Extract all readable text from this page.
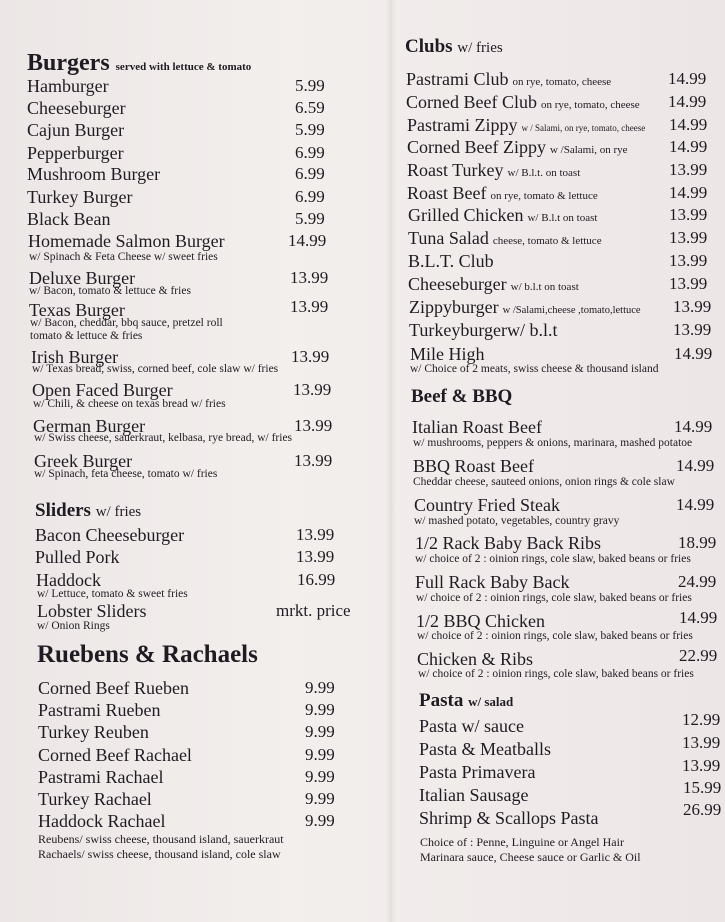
Burgers served with lettuce & tomato
Hamburger	5.99
Cheeseburger	6.59
Cajun Burger	5.99
Pepperburger	6.99
Mushroom Burger	6.99
Turkey Burger	6.99
Black Bean	5.99
Homemade Salmon Burger	14.99
w/ Spinach & Feta Cheese w/ sweet fries
Deluxe Burger	13.99
w/ Bacon, tomato & lettuce & fries
Texas Burger	13.99
w/ Bacon, cheddar, bbq sauce, pretzel roll
tomato & lettuce & fries
Irish Burger	13.99
w/ Texas bread, swiss, corned beef, cole slaw w/ fries
Open Faced Burger	13.99
w/ Chili, & cheese on texas bread w/ fries
German Burger	13.99
w/ Swiss cheese, sauerkraut, kelbasa, rye bread, w/ fries
Greek Burger	13.99
w/ Spinach, feta cheese, tomato w/ fries
Sliders w/ fries
Bacon Cheeseburger	13.99
Pulled Pork	13.99
Haddock	16.99
w/ Lettuce, tomato & sweet fries
Lobster Sliders	mrkt. price
w/ Onion Rings
Ruebens & Rachaels
Corned Beef Rueben	9.99
Pastrami Rueben	9.99
Turkey Reuben	9.99
Corned Beef Rachael	9.99
Pastrami Rachael	9.99
Turkey Rachael	9.99
Haddock Rachael	9.99
Reubens/ swiss cheese, thousand island, sauerkraut
Rachaels/ swiss cheese, thousand island, cole slaw
Clubs w/ fries
Pastrami Club on rye, tomato, cheese	14.99
Corned Beef Club on rye, tomato, cheese 14.99
Pastrami Zippy w / Salami, on rye, tomato, cheese 14.99
Corned Beef Zippy w /Salami, on rye 14.99
Roast Turkey w/ B.l.t. on toast	13.99
Roast Beef on rye, tomato & lettuce	14.99
Grilled Chicken w/ B.l.t on toast	13.99
Tuna Salad cheese, tomato & lettuce	13.99
B.L.T. Club	13.99
Cheeseburger w/ b.l.t on toast	13.99
Zippyburger w /Salami,cheese ,tomato,lettuce 13.99
Turkeyburgerw/ b.l.t	13.99
Mile High	14.99
w/ Choice of 2 meats, swiss cheese & thousand island
Beef & BBQ
Italian Roast Beef	14.99
w/ mushrooms, peppers & onions, marinara, mashed potatoe
BBQ Roast Beef	14.99
Cheddar cheese, sauteed onions, onion rings & cole slaw
Country Fried Steak	14.99
w/ mashed potato, vegetables, country gravy
1/2 Rack Baby Back Ribs	18.99
w/ choice of 2 : oinion rings, cole slaw, baked beans or fries
Full Rack Baby Back	24.99
w/ choice of 2 : oinion rings, cole slaw, baked beans or fries
1/2 BBQ Chicken	14.99
w/ choice of 2 : oinion rings, cole slaw, baked beans or fries
Chicken & Ribs	22.99
w/ choice of 2 : oinion rings, cole slaw, baked beans or fries
Pasta w/ salad
Pasta w/ sauce	12.99
Pasta & Meatballs	13.99
Pasta Primavera	13.99
Italian Sausage	15.99
Shrimp & Scallops Pasta	26.99
Choice of : Penne, Linguine or Angel Hair
Marinara sauce, Cheese sauce or Garlic & Oil
